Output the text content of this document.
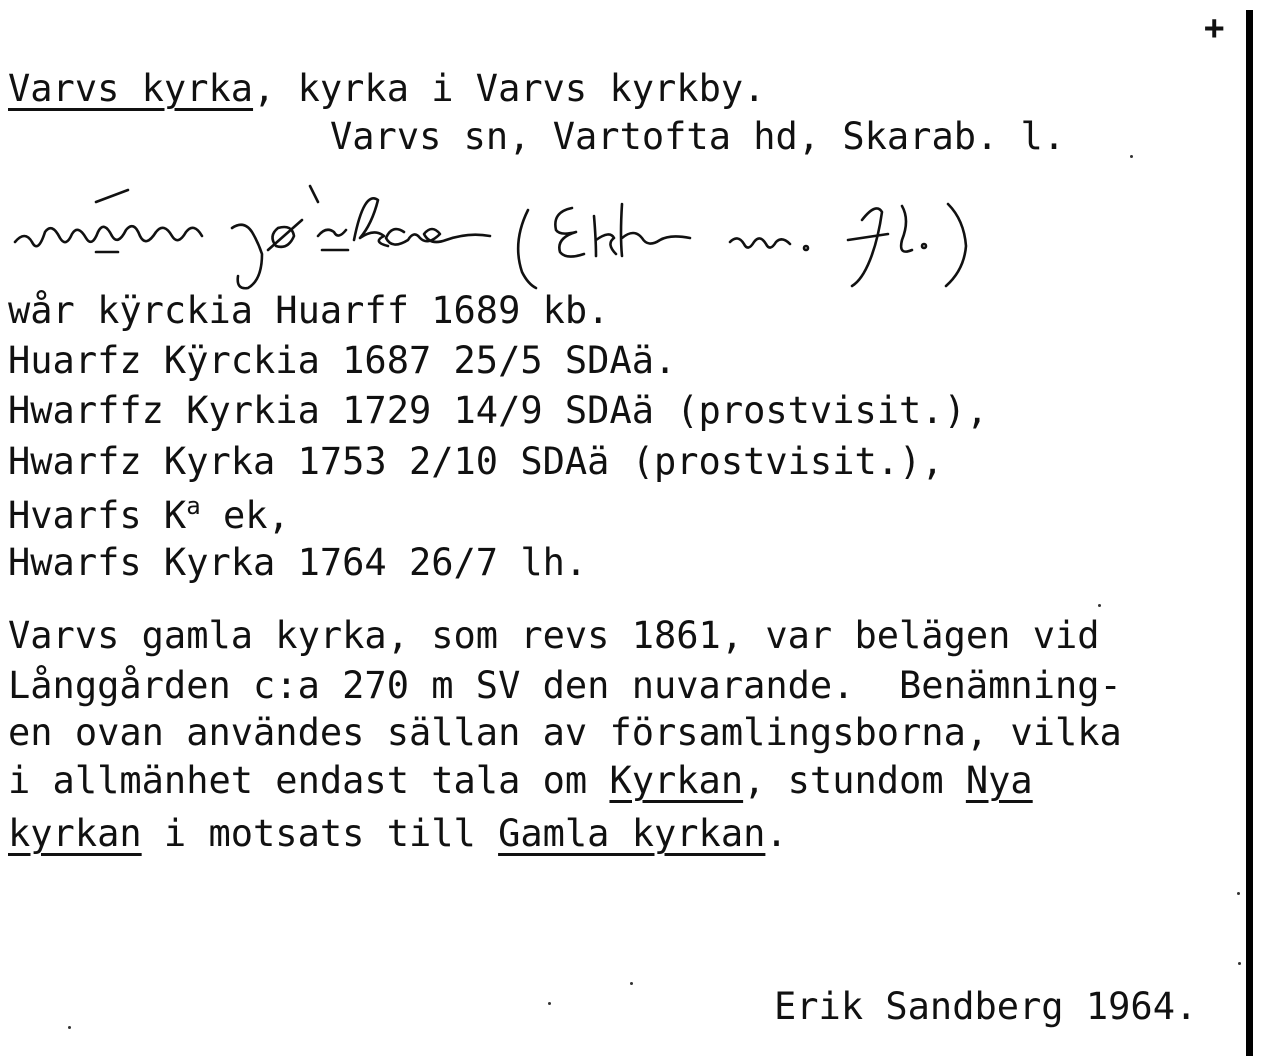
+
Varvs kyrka, kyrka i Varvs kyrkby.
Varvs sn, Vartofta hd, Skarab. l.
wår kÿrckia Huarff 1689 kb.
Huarfz Kÿrckia 1687 25/5 SDAä.
Hwarffz Kyrkia 1729 14/9 SDAä (prostvisit.),
Hwarfz Kyrka 1753 2/10 SDAä (prostvisit.),
Hvarfs $K^a$ ek,
Hwarfs Kyrka 1764 26/7 lh.
Varvs gamla kyrka, som revs 1861, var belägen vid
Långgården c:a 270 m SV den nuvarande.  Benämning-
en ovan användes sällan av församlingsborna, vilka
i allmänhet endast tala om Kyrkan, stundom Nya
kyrkan i motsats till Gamla kyrkan.
Erik Sandberg 1964.
